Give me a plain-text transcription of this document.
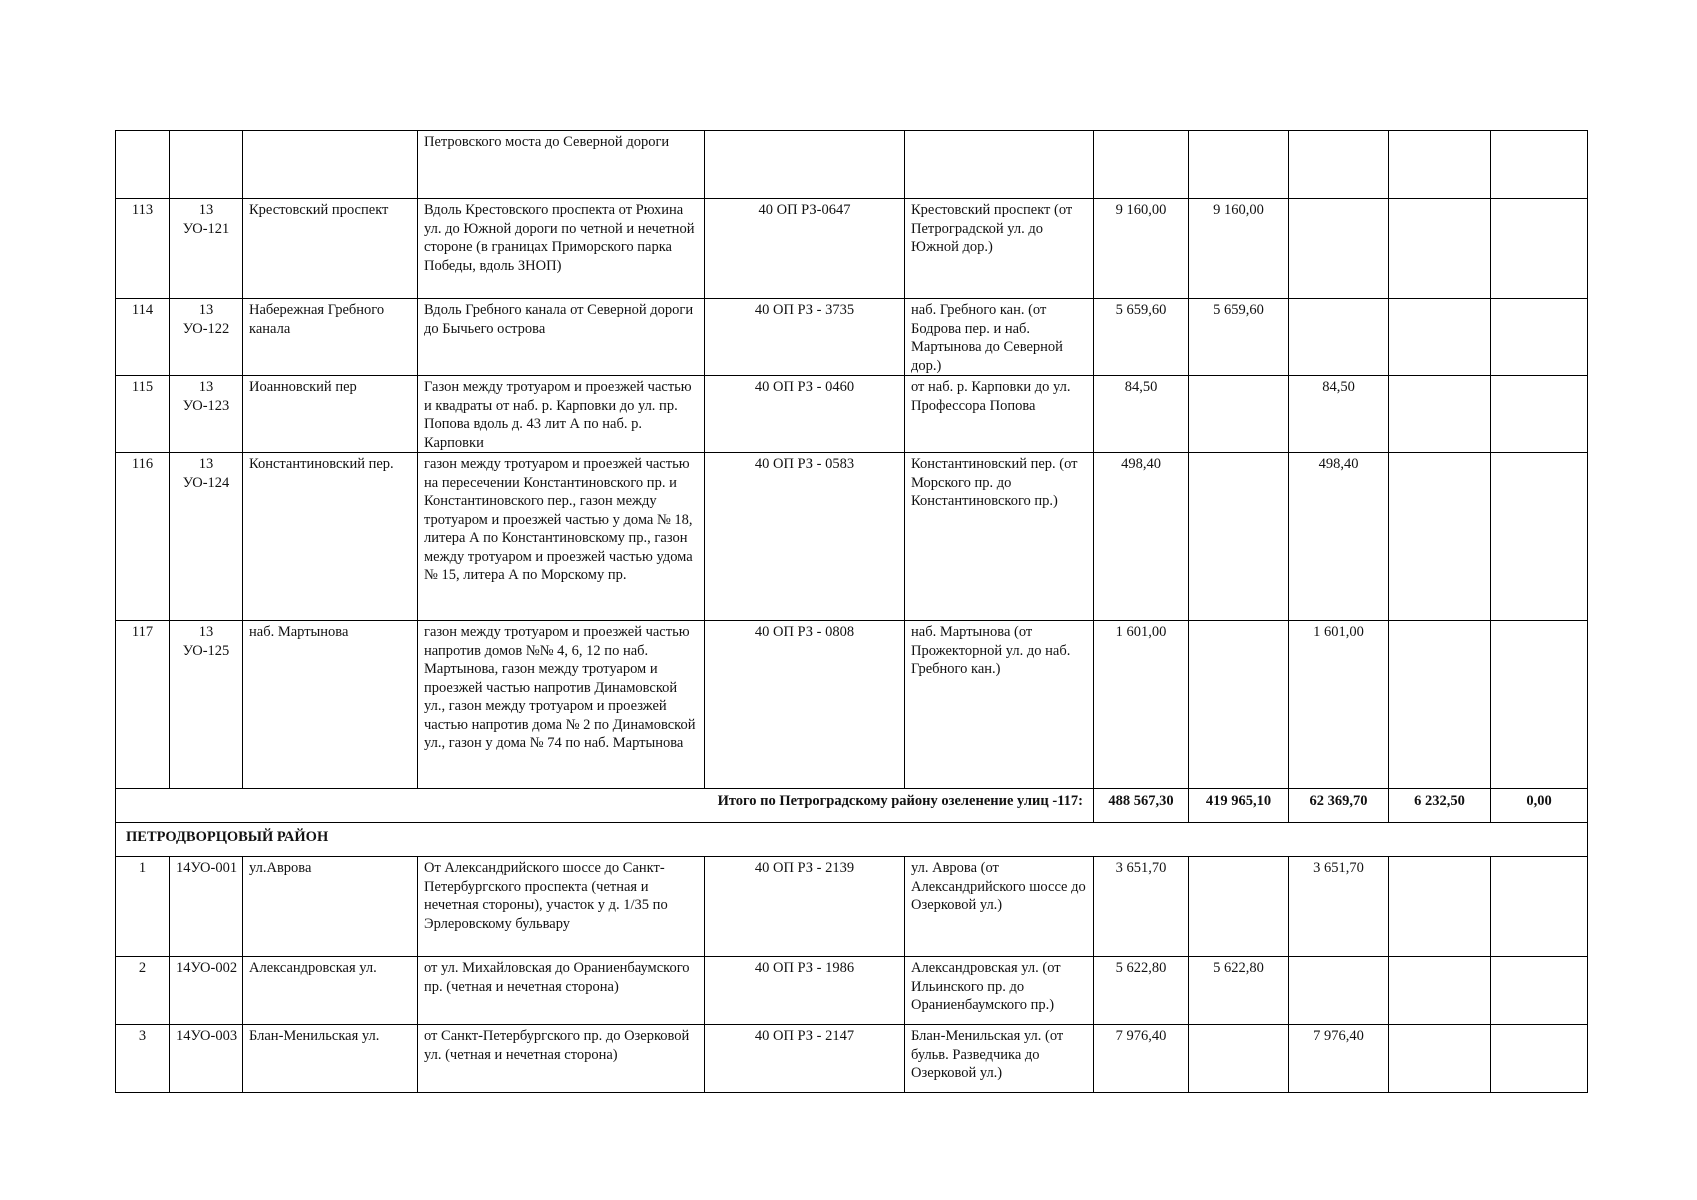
			Петровского моста до Северной дороги							
113	13 УО-121	Крестовский проспект	Вдоль Крестовского проспекта от Рюхина ул. до Южной дороги по четной и нечетной стороне (в границах Приморского парка Победы, вдоль ЗНОП)	40 ОП РЗ-0647	Крестовский проспект (от Петроградской ул. до Южной дор.)	9 160,00	9 160,00			
114	13 УО-122	Набережная Гребного канала	Вдоль Гребного канала от Северной дороги до Бычьего острова	40 ОП РЗ - 3735	наб. Гребного кан. (от Бодрова пер. и наб. Мартынова до Северной дор.)	5 659,60	5 659,60			
115	13 УО-123	Иоанновский пер	Газон между тротуаром и проезжей частью и квадраты от наб. р. Карповки до ул. пр. Попова вдоль д. 43 лит А по наб. р. Карповки	40 ОП РЗ - 0460	от наб. р. Карповки до ул. Профессора Попова	84,50		84,50		
116	13 УО-124	Константиновский пер.	газон между тротуаром и проезжей частью на пересечении Константиновского пр. и Константиновского пер., газон между тротуаром и проезжей частью у дома № 18, литера А по Константиновскому пр., газон между тротуаром и проезжей частью удома № 15, литера А по Морскому пр.	40 ОП РЗ - 0583	Константиновский пер. (от Морского пр. до Константиновского пр.)	498,40		498,40		
117	13 УО-125	наб. Мартынова	газон между тротуаром и проезжей частью напротив домов №№ 4, 6, 12 по наб. Мартынова, газон между тротуаром и проезжей частью напротив Динамовской ул., газон между тротуаром и проезжей частью напротив дома № 2 по Динамовской ул., газон у дома № 74 по наб. Мартынова	40 ОП РЗ - 0808	наб. Мартынова (от Прожекторной ул. до наб. Гребного кан.)	1 601,00		1 601,00		
Итого по Петроградскому району озеленение улиц -117:						488 567,30	419 965,10	62 369,70	6 232,50	0,00
ПЕТРОДВОРЦОВЫЙ РАЙОН										
1	14УО-001	ул.Аврова	От Александрийского шоссе до Санкт-Петербургского проспекта (четная и нечетная стороны), участок у д. 1/35 по Эрлеровскому бульвару	40 ОП РЗ - 2139	ул. Аврова (от Александрийского шоссе до Озерковой ул.)	3 651,70		3 651,70		
2	14УО-002	Александровская ул.	от ул. Михайловская до Ораниенбаумского пр. (четная и нечетная сторона)	40 ОП РЗ - 1986	Александровская ул. (от Ильинского пр. до Ораниенбаумского пр.)	5 622,80	5 622,80			
3	14УО-003	Блан-Менильская ул.	от Санкт-Петербургского пр. до Озерковой ул. (четная и нечетная сторона)	40 ОП РЗ - 2147	Блан-Менильская ул. (от бульв. Разведчика до Озерковой ул.)	7 976,40		7 976,40		
